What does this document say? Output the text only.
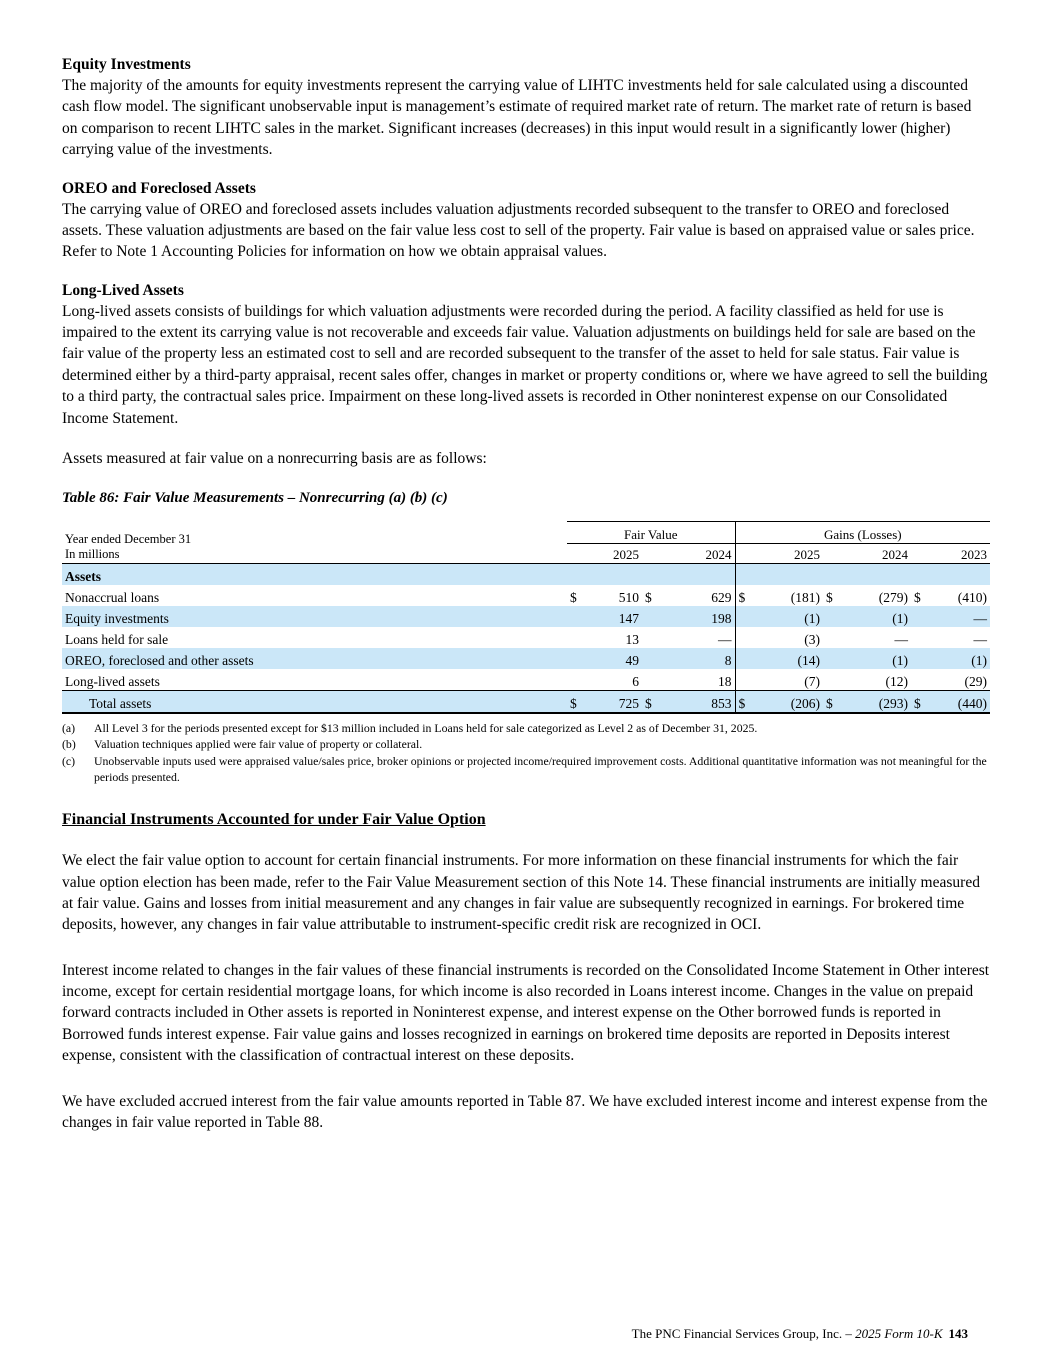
Equity Investments

The majority of the amounts for equity investments represent the carrying value of LIHTC investments held for sale calculated using a discounted cash flow model. The significant unobservable input is management’s estimate of required market rate of return. The market rate of return is based on comparison to recent LIHTC sales in the market. Significant increases (decreases) in this input would result in a significantly lower (higher) carrying value of the investments.

OREO and Foreclosed Assets

The carrying value of OREO and foreclosed assets includes valuation adjustments recorded subsequent to the transfer to OREO and foreclosed assets. These valuation adjustments are based on the fair value less cost to sell of the property. Fair value is based on appraised value or sales price. Refer to Note 1 Accounting Policies for information on how we obtain appraisal values.

Long-Lived Assets

Long-lived assets consists of buildings for which valuation adjustments were recorded during the period. A facility classified as held for use is impaired to the extent its carrying value is not recoverable and exceeds fair value. Valuation adjustments on buildings held for sale are based on the fair value of the property less an estimated cost to sell and are recorded subsequent to the transfer of the asset to held for sale status. Fair value is determined either by a third-party appraisal, recent sales offer, changes in market or property conditions or, where we have agreed to sell the building to a third party, the contractual sales price. Impairment on these long-lived assets is recorded in Other noninterest expense on our Consolidated Income Statement.

Assets measured at fair value on a nonrecurring basis are as follows:

Table 86: Fair Value Measurements – Nonrecurring (a) (b) (c)

Year ended December 31
In millions	Fair Value				Gains (Losses)					
	2025		2024		2025		2024		2023	
Assets										
Nonaccrual loans	$	510	$	629	$	(181)	$	(279)	$	(410)
Equity investments		147		198		(1)		(1)		—
Loans held for sale		13		—		(3)		—		—
OREO, foreclosed and other assets		49		8		(14)		(1)		(1)
Long-lived assets		6		18		(7)		(12)		(29)
Total assets	$	725	$	853	$	(206)	$	(293)	$	(440)
(a)	All Level 3 for the periods presented except for $13 million included in Loans held for sale categorized as Level 2 as of December 31, 2025.
(b)	Valuation techniques applied were fair value of property or collateral.
(c)	Unobservable inputs used were appraised value/sales price, broker opinions or projected income/required improvement costs. Additional quantitative information was not meaningful for the periods presented.
Financial Instruments Accounted for under Fair Value Option

We elect the fair value option to account for certain financial instruments. For more information on these financial instruments for which the fair value option election has been made, refer to the Fair Value Measurement section of this Note 14. These financial instruments are initially measured at fair value. Gains and losses from initial measurement and any changes in fair value are subsequently recognized in earnings. For brokered time deposits, however, any changes in fair value attributable to instrument-specific credit risk are recognized in OCI.

Interest income related to changes in the fair values of these financial instruments is recorded on the Consolidated Income Statement in Other interest income, except for certain residential mortgage loans, for which income is also recorded in Loans interest income. Changes in the value on prepaid forward contracts included in Other assets is reported in Noninterest expense, and interest expense on the Other borrowed funds is reported in Borrowed funds interest expense. Fair value gains and losses recognized in earnings on brokered time deposits are reported in Deposits interest expense, consistent with the classification of contractual interest on these deposits.

We have excluded accrued interest from the fair value amounts reported in Table 87. We have excluded interest income and interest expense from the changes in fair value reported in Table 88.

The PNC Financial Services Group, Inc. – 2025 Form 10-K 143
